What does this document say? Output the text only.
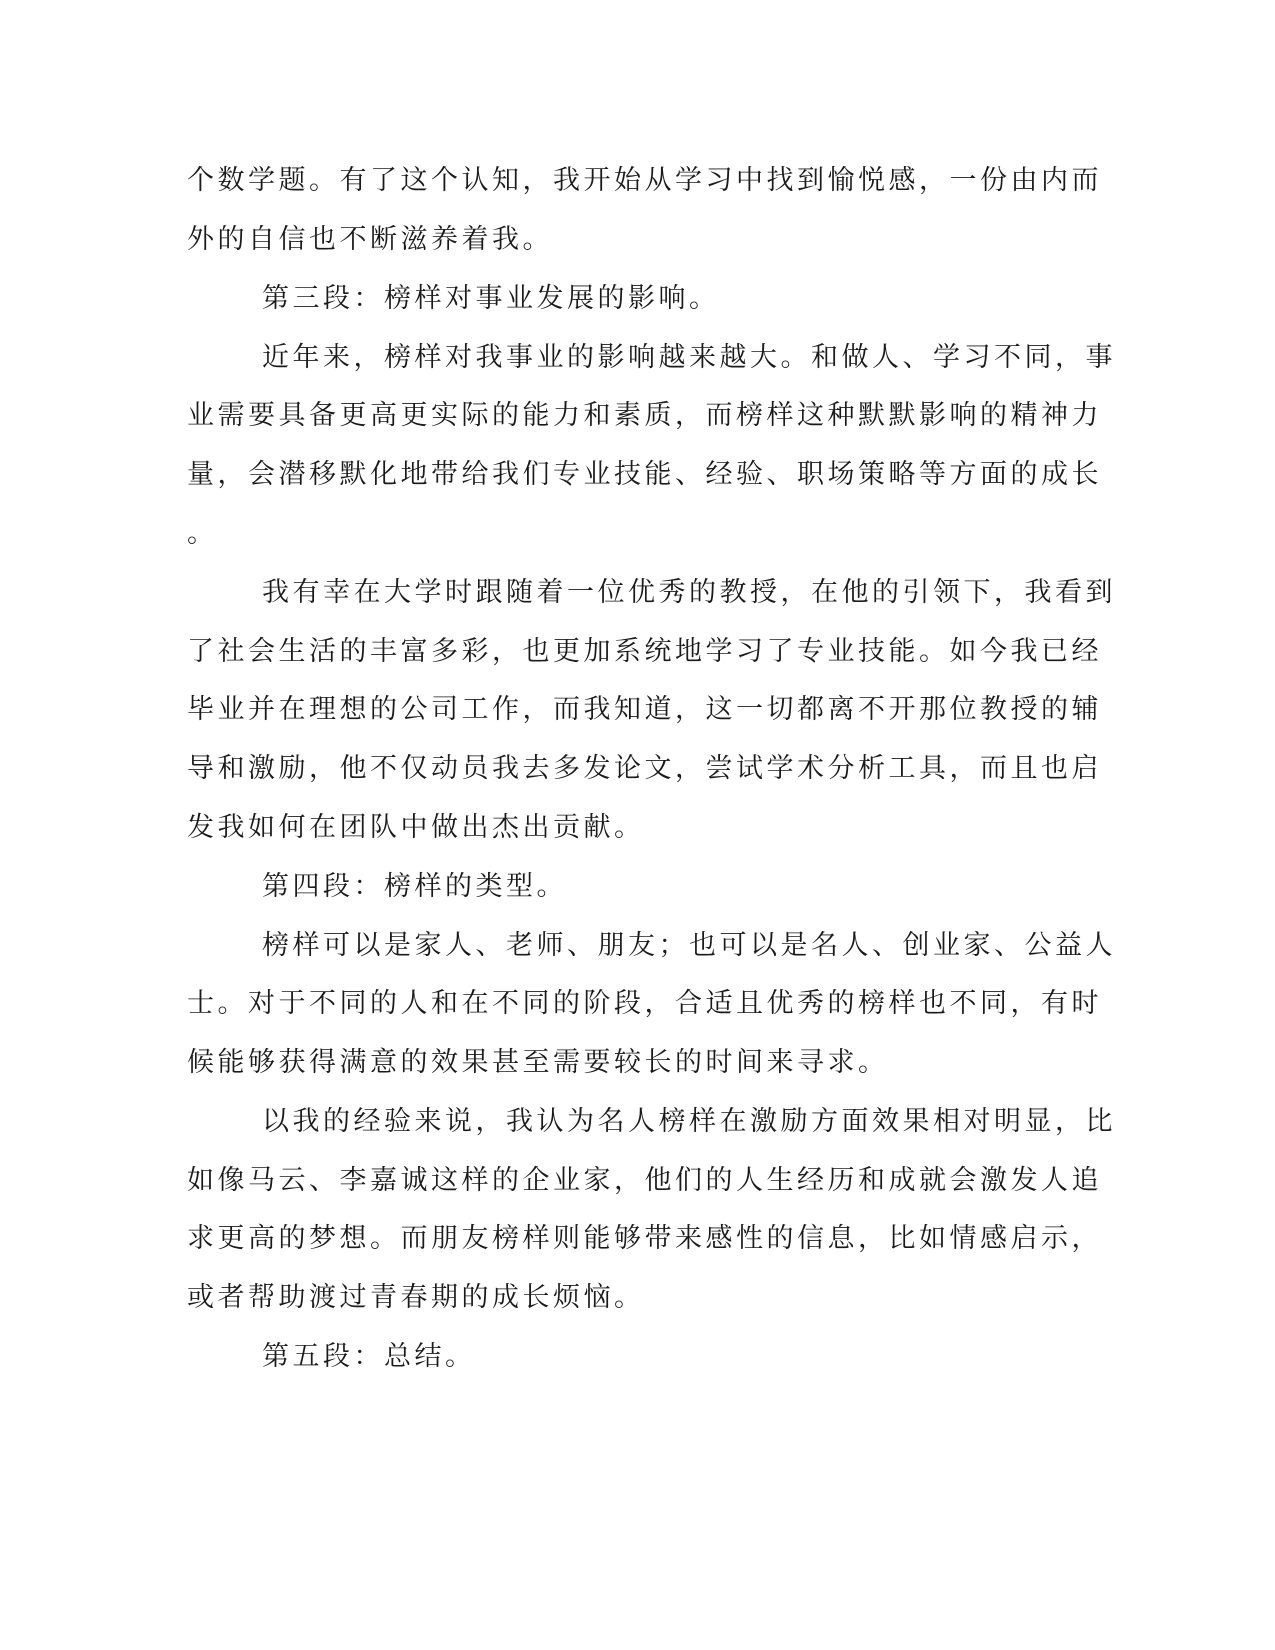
个数学题。有了这个认知，我开始从学习中找到愉悦感，一份由内而
外的自信也不断滋养着我。
第三段：榜样对事业发展的影响。
近年来，榜样对我事业的影响越来越大。和做人、学习不同，事
业需要具备更高更实际的能力和素质，而榜样这种默默影响的精神力
量，会潜移默化地带给我们专业技能、经验、职场策略等方面的成长
。
我有幸在大学时跟随着一位优秀的教授，在他的引领下，我看到
了社会生活的丰富多彩，也更加系统地学习了专业技能。如今我已经
毕业并在理想的公司工作，而我知道，这一切都离不开那位教授的辅
导和激励，他不仅动员我去多发论文，尝试学术分析工具，而且也启
发我如何在团队中做出杰出贡献。
第四段：榜样的类型。
榜样可以是家人、老师、朋友；也可以是名人、创业家、公益人
士。对于不同的人和在不同的阶段，合适且优秀的榜样也不同，有时
候能够获得满意的效果甚至需要较长的时间来寻求。
以我的经验来说，我认为名人榜样在激励方面效果相对明显，比
如像马云、李嘉诚这样的企业家，他们的人生经历和成就会激发人追
求更高的梦想。而朋友榜样则能够带来感性的信息，比如情感启示，
或者帮助渡过青春期的成长烦恼。
第五段：总结。
